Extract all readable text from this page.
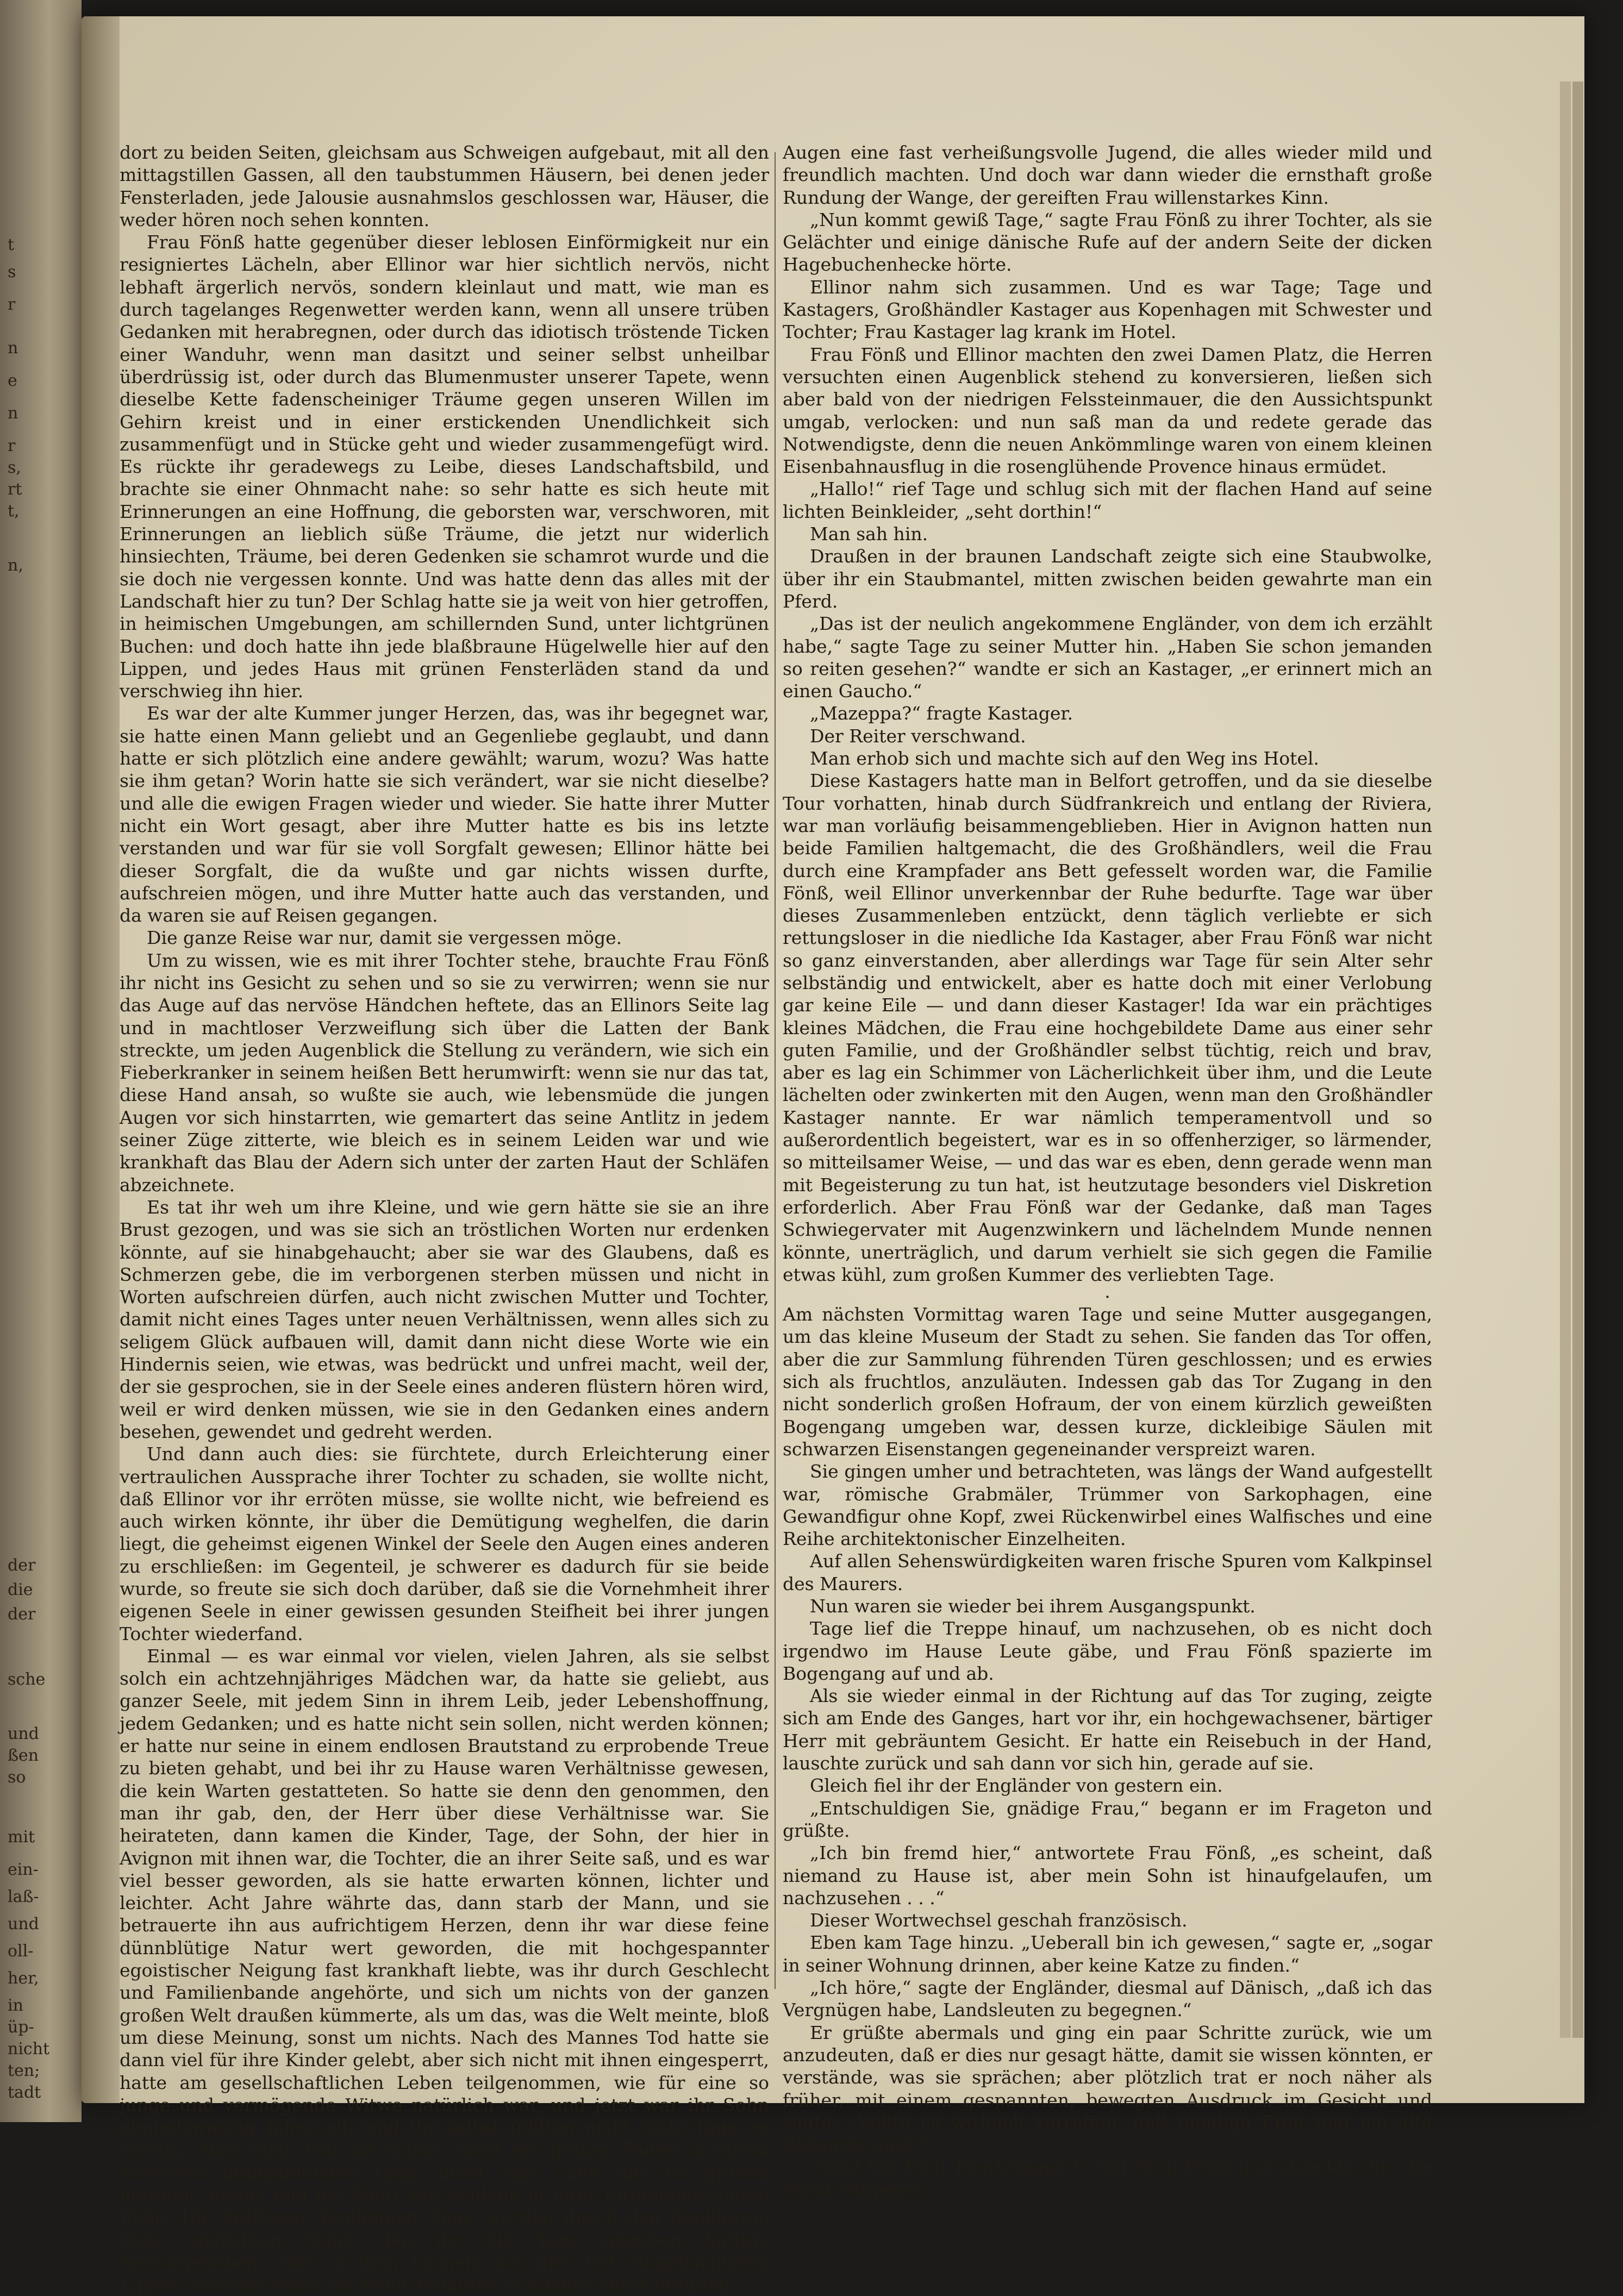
t
s
r
n
e
n
r
s,
rt
t,
n,
der
die
der
sche
und
ßen
so
mit
ein-
laß-
und
oll-
her,
in
üp-
nicht
ten;
tadt

dort zu beiden Seiten, gleichsam aus Schweigen aufgebaut, mit all den mittagstillen Gassen, all den taubstummen Häusern, bei denen jeder Fensterladen, jede Jalousie ausnahmslos geschlossen war, Häuser, die weder hören noch sehen konnten.

Frau Fönß hatte gegenüber dieser leblosen Einförmigkeit nur ein resigniertes Lächeln, aber Ellinor war hier sichtlich nervös, nicht lebhaft ärgerlich nervös, sondern kleinlaut und matt, wie man es durch tagelanges Regenwetter werden kann, wenn all unsere trüben Gedanken mit herabregnen, oder durch das idiotisch tröstende Ticken einer Wanduhr, wenn man dasitzt und seiner selbst unheilbar überdrüssig ist, oder durch das Blumenmuster unserer Tapete, wenn dieselbe Kette fadenscheiniger Träume gegen unseren Willen im Gehirn kreist und in einer erstickenden Unendlichkeit sich zusammenfügt und in Stücke geht und wieder zusammengefügt wird. Es rückte ihr geradewegs zu Leibe, dieses Landschaftsbild, und brachte sie einer Ohnmacht nahe: so sehr hatte es sich heute mit Erinnerungen an eine Hoffnung, die geborsten war, verschworen, mit Erinnerungen an lieblich süße Träume, die jetzt nur widerlich hinsiechten, Träume, bei deren Gedenken sie schamrot wurde und die sie doch nie vergessen konnte. Und was hatte denn das alles mit der Landschaft hier zu tun? Der Schlag hatte sie ja weit von hier getroffen, in heimischen Umgebungen, am schillernden Sund, unter lichtgrünen Buchen: und doch hatte ihn jede blaßbraune Hügelwelle hier auf den Lippen, und jedes Haus mit grünen Fensterläden stand da und verschwieg ihn hier.

Es war der alte Kummer junger Herzen, das, was ihr begegnet war, sie hatte einen Mann geliebt und an Gegenliebe geglaubt, und dann hatte er sich plötzlich eine andere gewählt; warum, wozu? Was hatte sie ihm getan? Worin hatte sie sich verändert, war sie nicht dieselbe? und alle die ewigen Fragen wieder und wieder. Sie hatte ihrer Mutter nicht ein Wort gesagt, aber ihre Mutter hatte es bis ins letzte verstanden und war für sie voll Sorgfalt gewesen; Ellinor hätte bei dieser Sorgfalt, die da wußte und gar nichts wissen durfte, aufschreien mögen, und ihre Mutter hatte auch das verstanden, und da waren sie auf Reisen gegangen.

Die ganze Reise war nur, damit sie vergessen möge.

Um zu wissen, wie es mit ihrer Tochter stehe, brauchte Frau Fönß ihr nicht ins Gesicht zu sehen und so sie zu verwirren; wenn sie nur das Auge auf das nervöse Händchen heftete, das an Ellinors Seite lag und in machtloser Verzweiflung sich über die Latten der Bank streckte, um jeden Augenblick die Stellung zu verändern, wie sich ein Fieberkranker in seinem heißen Bett herumwirft: wenn sie nur das tat, diese Hand ansah, so wußte sie auch, wie lebensmüde die jungen Augen vor sich hinstarrten, wie gemartert das seine Antlitz in jedem seiner Züge zitterte, wie bleich es in seinem Leiden war und wie krankhaft das Blau der Adern sich unter der zarten Haut der Schläfen abzeichnete.

Es tat ihr weh um ihre Kleine, und wie gern hätte sie sie an ihre Brust gezogen, und was sie sich an tröstlichen Worten nur erdenken könnte, auf sie hinabgehaucht; aber sie war des Glaubens, daß es Schmerzen gebe, die im verborgenen sterben müssen und nicht in Worten aufschreien dürfen, auch nicht zwischen Mutter und Tochter, damit nicht eines Tages unter neuen Verhältnissen, wenn alles sich zu seligem Glück aufbauen will, damit dann nicht diese Worte wie ein Hindernis seien, wie etwas, was bedrückt und unfrei macht, weil der, der sie gesprochen, sie in der Seele eines anderen flüstern hören wird, weil er wird denken müssen, wie sie in den Gedanken eines andern besehen, gewendet und gedreht werden.

Und dann auch dies: sie fürchtete, durch Erleichterung einer vertraulichen Aussprache ihrer Tochter zu schaden, sie wollte nicht, daß Ellinor vor ihr erröten müsse, sie wollte nicht, wie befreiend es auch wirken könnte, ihr über die Demütigung weghelfen, die darin liegt, die geheimst eigenen Winkel der Seele den Augen eines anderen zu erschließen: im Gegenteil, je schwerer es dadurch für sie beide wurde, so freute sie sich doch darüber, daß sie die Vornehmheit ihrer eigenen Seele in einer gewissen gesunden Steifheit bei ihrer jungen Tochter wiederfand.

Einmal — es war einmal vor vielen, vielen Jahren, als sie selbst solch ein achtzehnjähriges Mädchen war, da hatte sie geliebt, aus ganzer Seele, mit jedem Sinn in ihrem Leib, jeder Lebenshoffnung, jedem Gedanken; und es hatte nicht sein sollen, nicht werden können; er hatte nur seine in einem endlosen Brautstand zu erprobende Treue zu bieten gehabt, und bei ihr zu Hause waren Verhältnisse gewesen, die kein Warten gestatteten. So hatte sie denn den genommen, den man ihr gab, den, der Herr über diese Verhältnisse war. Sie heirateten, dann kamen die Kinder, Tage, der Sohn, der hier in Avignon mit ihnen war, die Tochter, die an ihrer Seite saß, und es war viel besser geworden, als sie hatte erwarten können, lichter und leichter. Acht Jahre währte das, dann starb der Mann, und sie betrauerte ihn aus aufrichtigem Herzen, denn ihr war diese feine dünnblütige Natur wert geworden, die mit hochgespannter egoistischer Neigung fast krankhaft liebte, was ihr durch Geschlecht und Familienbande angehörte, und sich um nichts von der ganzen großen Welt draußen kümmerte, als um das, was die Welt meinte, bloß um diese Meinung, sonst um nichts. Nach des Mannes Tod hatte sie dann viel für ihre Kinder gelebt, aber sich nicht mit ihnen eingesperrt, hatte am gesellschaftlichen Leben teilgenommen, wie für eine so junge und vermögende Witwe natürlich war, und jetzt war ihr Sohn einundzwanzig Jahre alt, und ihr selbst fehlten nicht viele Tage zu vierzig. Aber noch war sie schön, nicht ein grauer Faden in ihrem schweren dunkelblonden Haar, nicht eine Falte um die großen mutigen Augen, und die Figur war schlank in ihrer formbeherrschten Fülle. Die kräftigen, feinlinigen Züge wurden durch den dunkleren, tiefer gefärbten Teint, den ihr die Tage gegeben hatten, hervorgehoben, aber in dem Lächeln um ihre tief eingebuchteten Lippen war eine Süße, im weich betauten Schimmer ihrer braunen

Augen eine fast verheißungsvolle Jugend, die alles wieder mild und freundlich machten. Und doch war dann wieder die ernsthaft große Rundung der Wange, der gereiften Frau willenstarkes Kinn.

„Nun kommt gewiß Tage,“ sagte Frau Fönß zu ihrer Tochter, als sie Gelächter und einige dänische Rufe auf der andern Seite der dicken Hagebuchenhecke hörte.

Ellinor nahm sich zusammen. Und es war Tage; Tage und Kastagers, Großhändler Kastager aus Kopenhagen mit Schwester und Tochter; Frau Kastager lag krank im Hotel.

Frau Fönß und Ellinor machten den zwei Damen Platz, die Herren versuchten einen Augenblick stehend zu konversieren, ließen sich aber bald von der niedrigen Felssteinmauer, die den Aussichtspunkt umgab, verlocken: und nun saß man da und redete gerade das Notwendigste, denn die neuen Ankömmlinge waren von einem kleinen Eisenbahnausflug in die rosenglühende Provence hinaus ermüdet.

„Hallo!“ rief Tage und schlug sich mit der flachen Hand auf seine lichten Beinkleider, „seht dorthin!“

Man sah hin.

Draußen in der braunen Landschaft zeigte sich eine Staubwolke, über ihr ein Staubmantel, mitten zwischen beiden gewahrte man ein Pferd.

„Das ist der neulich angekommene Engländer, von dem ich erzählt habe,“ sagte Tage zu seiner Mutter hin. „Haben Sie schon jemanden so reiten gesehen?“ wandte er sich an Kastager, „er erinnert mich an einen Gaucho.“

„Mazeppa?“ fragte Kastager.

Der Reiter verschwand.

Man erhob sich und machte sich auf den Weg ins Hotel.

Diese Kastagers hatte man in Belfort getroffen, und da sie dieselbe Tour vorhatten, hinab durch Südfrankreich und entlang der Riviera, war man vorläufig beisammengeblieben. Hier in Avignon hatten nun beide Familien haltgemacht, die des Großhändlers, weil die Frau durch eine Krampfader ans Bett gefesselt worden war, die Familie Fönß, weil Ellinor unverkennbar der Ruhe bedurfte. Tage war über dieses Zusammenleben entzückt, denn täglich verliebte er sich rettungsloser in die niedliche Ida Kastager, aber Frau Fönß war nicht so ganz einverstanden, aber allerdings war Tage für sein Alter sehr selbständig und entwickelt, aber es hatte doch mit einer Verlobung gar keine Eile — und dann dieser Kastager! Ida war ein prächtiges kleines Mädchen, die Frau eine hochgebildete Dame aus einer sehr guten Familie, und der Großhändler selbst tüchtig, reich und brav, aber es lag ein Schimmer von Lächerlichkeit über ihm, und die Leute lächelten oder zwinkerten mit den Augen, wenn man den Großhändler Kastager nannte. Er war nämlich temperamentvoll und so außerordentlich begeistert, war es in so offenherziger, so lärmender, so mitteilsamer Weise, — und das war es eben, denn gerade wenn man mit Begeisterung zu tun hat, ist heutzutage besonders viel Diskretion erforderlich. Aber Frau Fönß war der Gedanke, daß man Tages Schwiegervater mit Augenzwinkern und lächelndem Munde nennen könnte, unerträglich, und darum verhielt sie sich gegen die Familie etwas kühl, zum großen Kummer des verliebten Tage.

·

Am nächsten Vormittag waren Tage und seine Mutter ausgegangen, um das kleine Museum der Stadt zu sehen. Sie fanden das Tor offen, aber die zur Sammlung führenden Türen geschlossen; und es erwies sich als fruchtlos, anzuläuten. Indessen gab das Tor Zugang in den nicht sonderlich großen Hofraum, der von einem kürzlich geweißten Bogengang umgeben war, dessen kurze, dickleibige Säulen mit schwarzen Eisenstangen gegeneinander verspreizt waren.

Sie gingen umher und betrachteten, was längs der Wand aufgestellt war, römische Grabmäler, Trümmer von Sarkophagen, eine Gewandfigur ohne Kopf, zwei Rückenwirbel eines Walfisches und eine Reihe architektonischer Einzelheiten.

Auf allen Sehenswürdigkeiten waren frische Spuren vom Kalkpinsel des Maurers.

Nun waren sie wieder bei ihrem Ausgangspunkt.

Tage lief die Treppe hinauf, um nachzusehen, ob es nicht doch irgendwo im Hause Leute gäbe, und Frau Fönß spazierte im Bogengang auf und ab.

Als sie wieder einmal in der Richtung auf das Tor zuging, zeigte sich am Ende des Ganges, hart vor ihr, ein hochgewachsener, bärtiger Herr mit gebräuntem Gesicht. Er hatte ein Reisebuch in der Hand, lauschte zurück und sah dann vor sich hin, gerade auf sie.

Gleich fiel ihr der Engländer von gestern ein.

„Entschuldigen Sie, gnädige Frau,“ begann er im Frageton und grüßte.

„Ich bin fremd hier,“ antwortete Frau Fönß, „es scheint, daß niemand zu Hause ist, aber mein Sohn ist hinaufgelaufen, um nachzusehen . . .“

Dieser Wortwechsel geschah französisch.

Eben kam Tage hinzu. „Ueberall bin ich gewesen,“ sagte er, „sogar in seiner Wohnung drinnen, aber keine Katze zu finden.“

„Ich höre,“ sagte der Engländer, diesmal auf Dänisch, „daß ich das Vergnügen habe, Landsleuten zu begegnen.“

Er grüßte abermals und ging ein paar Schritte zurück, wie um anzudeuten, daß er dies nur gesagt hätte, damit sie wissen könnten, er verstände, was sie sprächen; aber plötzlich trat er noch näher als früher, mit einem gespannten, bewegten Ausdruck im Gesicht und sagte: „Sollte es wirklich zutreffen, daß gnädige Frau und ich alte Bekannte sind?“

„Sind Sie Emil Thorbrögger?“ rief Frau Fönß und streckte ihm die Hand entgegen.
